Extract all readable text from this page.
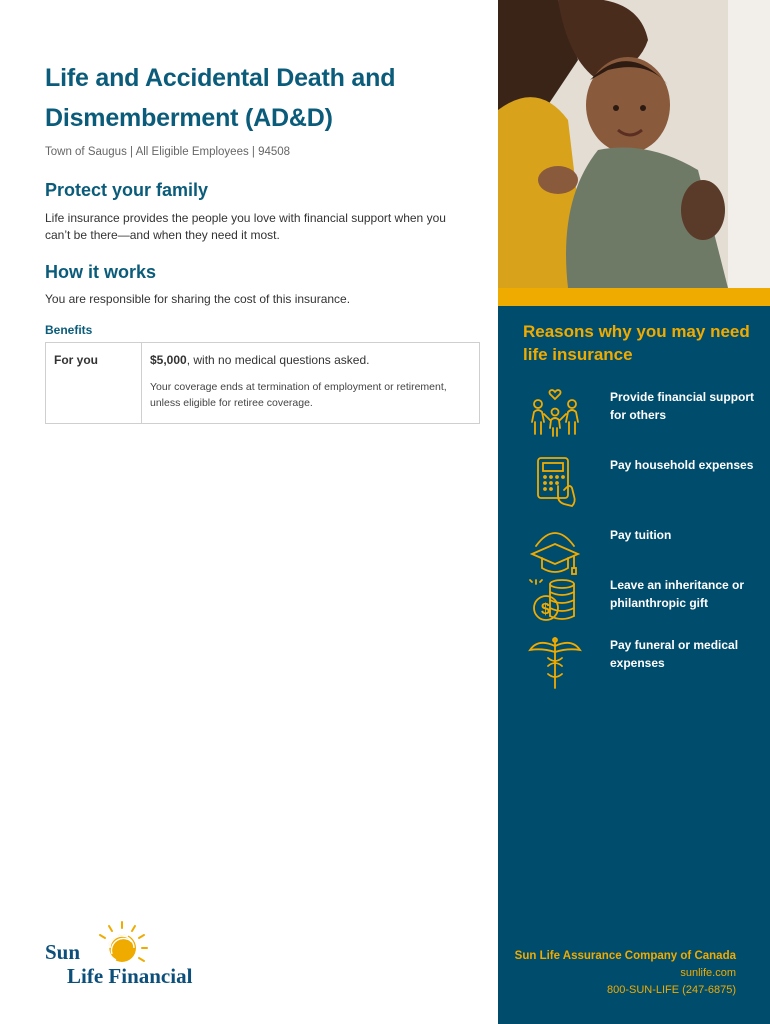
Life and Accidental Death and Dismemberment (AD&D)
Town of Saugus | All Eligible Employees | 94508
Protect your family
Life insurance provides the people you love with financial support when you can’t be there—and when they need it most.
How it works
You are responsible for sharing the cost of this insurance.
Benefits
For you	$5,000, with no medical questions asked.
Your coverage ends at termination of employment or retirement, unless eligible for retiree coverage.
Sun
Life Financial
Reasons why you may need life insurance
Provide financial support for others
Pay household expenses
Pay tuition
$
Leave an inheritance or philanthropic gift
Pay funeral or medical expenses
Sun Life Assurance Company of Canada
sunlife.com
800-SUN-LIFE (247-6875)
